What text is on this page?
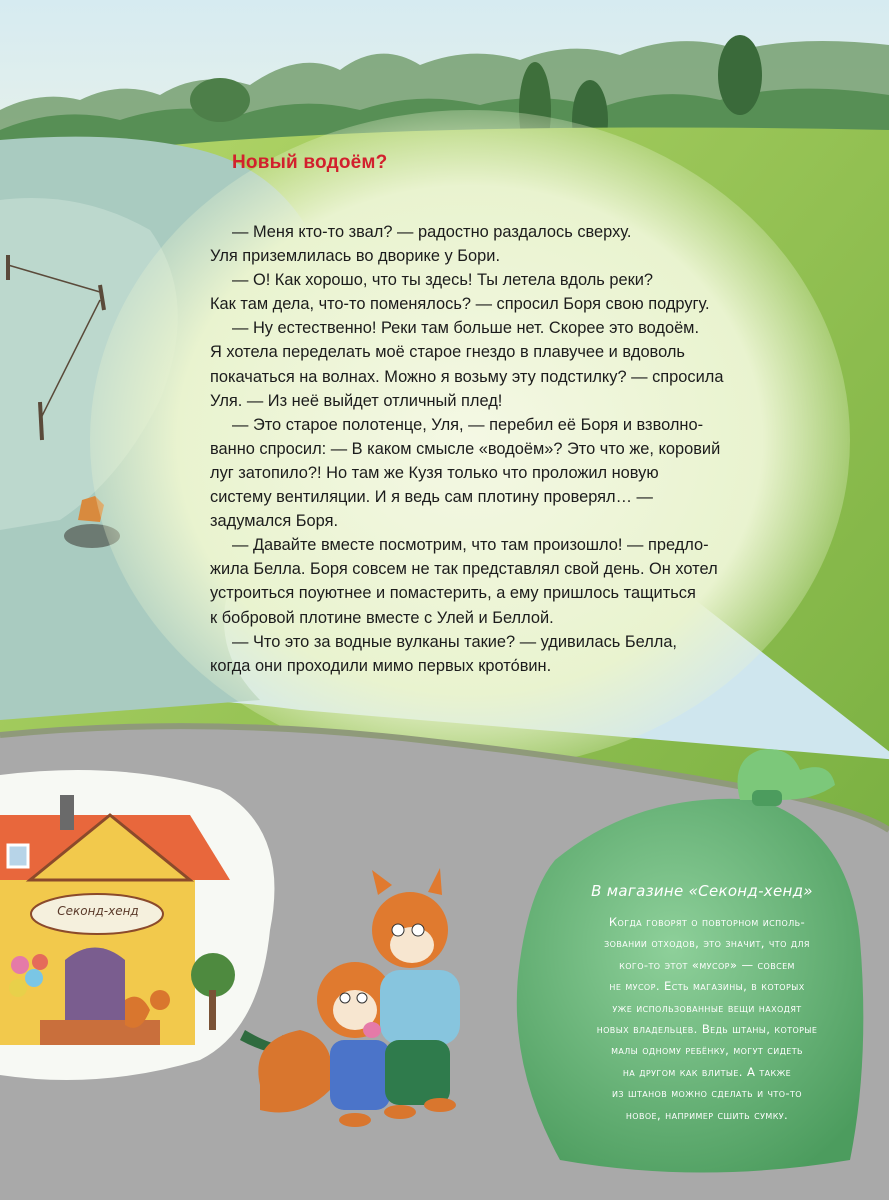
Новый водоём?
— Меня кто-то звал? — радостно раздалось сверху.
Уля приземлилась во дворике у Бори.
— О! Как хорошо, что ты здесь! Ты летела вдоль реки?
Как там дела, что-то поменялось? — спросил Боря свою подругу.
— Ну естественно! Реки там больше нет. Скорее это водоём.
Я хотела переделать моё старое гнездо в плавучее и вдоволь
покачаться на волнах. Можно я возьму эту подстилку? — спросила
Уля. — Из неё выйдет отличный плед!
— Это старое полотенце, Уля, — перебил её Боря и взволно-
ванно спросил: — В каком смысле «водоём»? Это что же, коровий
луг затопило?! Но там же Кузя только что проложил новую
систему вентиляции. И я ведь сам плотину проверял… —
задумался Боря.
— Давайте вместе посмотрим, что там произошло! — предло-
жила Белла. Боря совсем не так представлял свой день. Он хотел
устроиться поуютнее и помастерить, а ему пришлось тащиться
к бобровой плотине вместе с Улей и Беллой.
— Что это за водные вулканы такие? — удивилась Белла,
когда они проходили мимо первых крото́вин.
Секонд-хенд
В магазине «Секонд-хенд»
Когда говорят о повторном исполь-
зовании отходов, это значит, что для
кого-то этот «мусор» — совсем
не мусор. Есть магазины, в которых
уже использованные вещи находят
новых владельцев. Ведь штаны, которые
малы одному ребёнку, могут сидеть
на другом как влитые. А также
из штанов можно сделать и что-то
новое, например сшить сумку.
